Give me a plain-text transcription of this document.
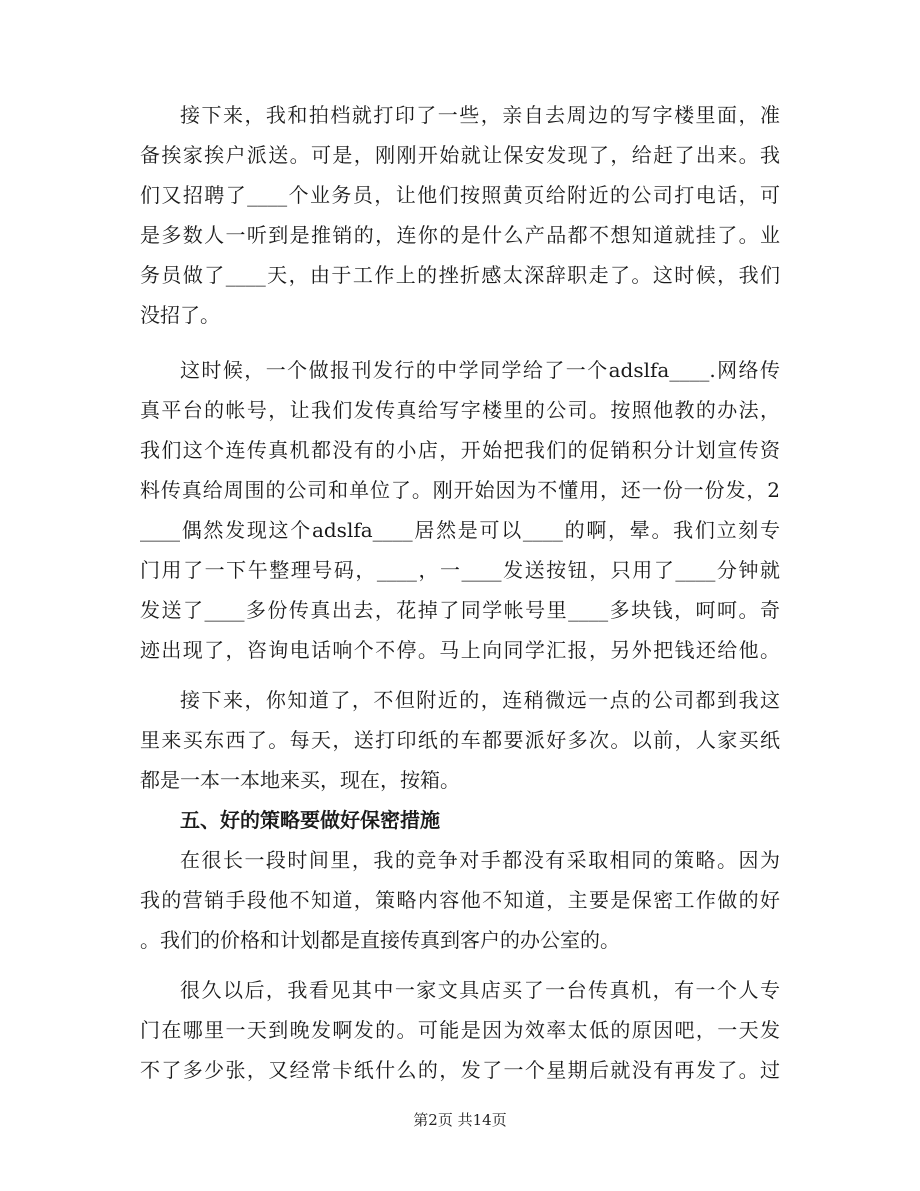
接下来，我和拍档就打印了一些，亲自去周边的写字楼里面，准
备挨家挨户派送。可是，刚刚开始就让保安发现了，给赶了出来。我
们又招聘了____个业务员，让他们按照黄页给附近的公司打电话，可
是多数人一听到是推销的，连你的是什么产品都不想知道就挂了。业
务员做了____天，由于工作上的挫折感太深辞职走了。这时候，我们
没招了。
这时候，一个做报刊发行的中学同学给了一个adslfa____.网络传
真平台的帐号，让我们发传真给写字楼里的公司。按照他教的办法，
我们这个连传真机都没有的小店，开始把我们的促销积分计划宣传资
料传真给周围的公司和单位了。刚开始因为不懂用，还一份一份发，2
____偶然发现这个adslfa____居然是可以____的啊，晕。我们立刻专
门用了一下午整理号码，____，一____发送按钮，只用了____分钟就
发送了____多份传真出去，花掉了同学帐号里____多块钱，呵呵。奇
迹出现了，咨询电话响个不停。马上向同学汇报，另外把钱还给他。
接下来，你知道了，不但附近的，连稍微远一点的公司都到我这
里来买东西了。每天，送打印纸的车都要派好多次。以前，人家买纸
都是一本一本地来买，现在，按箱。
五、好的策略要做好保密措施
在很长一段时间里，我的竞争对手都没有采取相同的策略。因为
我的营销手段他不知道，策略内容他不知道，主要是保密工作做的好
。我们的价格和计划都是直接传真到客户的办公室的。
很久以后，我看见其中一家文具店买了一台传真机，有一个人专
门在哪里一天到晚发啊发的。可能是因为效率太低的原因吧，一天发
不了多少张，又经常卡纸什么的，发了一个星期后就没有再发了。过
第2页 共14页
